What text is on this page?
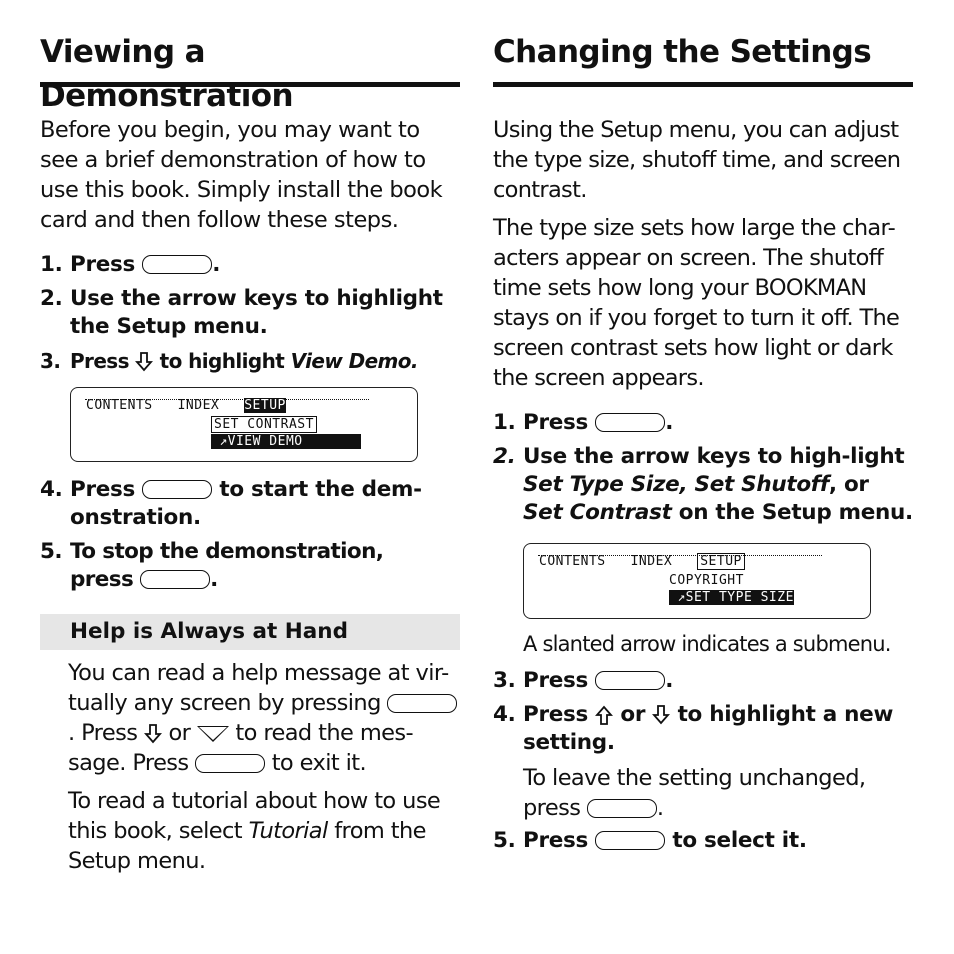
Viewing a Demonstration

Before you begin, you may want to see a brief demonstration of how to use this book. Simply install the book card and then follow these steps.

1. Press	.
2. Use the arrow keys to highlight the Setup menu.
3. Press to highlight View Demo.
CONTENTS INDEX SETUP
SET CONTRAST
↗VIEW DEMO
4. Press	to start the dem-onstration.
5. To stop the demonstration,
press	.
Help is Always at Hand

You can read a help message at vir-tually any screen by pressing . Press or to read the mes-sage. Press	to exit it.

To read a tutorial about how to use this book, select Tutorial from the Setup menu.

Changing the Settings

Using the Setup menu, you can adjust the type size, shutoff time, and screen contrast.

The type size sets how large the char-acters appear on screen. The shutoff time sets how long your BOOKMAN stays on if you forget to turn it off. The screen contrast sets how light or dark the screen appears.

1. Press	.
2. Use the arrow keys to high-light Set Type Size, Set Shutoff, or Set Contrast on the Setup menu.
CONTENTS INDEX SETUP
COPYRIGHT
↗SET TYPE SIZE

A slanted arrow indicates a submenu.

3. Press	.
4. Press or to highlight a new setting.

To leave the setting unchanged, press	.

5. Press	to select it.
